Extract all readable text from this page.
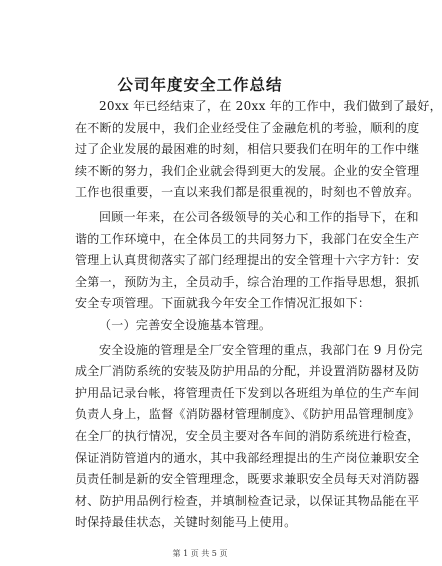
公司年度安全工作总结
20xx 年已经结束了，在 20xx 年的工作中，我们做到了最好，
在不断的发展中，我们企业经受住了金融危机的考验，顺利的度
过了企业发展的最困难的时刻，相信只要我们在明年的工作中继
续不断的努力，我们企业就会得到更大的发展。企业的安全管理
工作也很重要，一直以来我们都是很重视的，时刻也不曾放弃。
回顾一年来，在公司各级领导的关心和工作的指导下，在和
谐的工作环境中，在全体员工的共同努力下，我部门在安全生产
管理上认真贯彻落实了部门经理提出的安全管理十六字方针：安
全第一，预防为主，全员动手，综合治理的工作指导思想，狠抓
安全专项管理。下面就我今年安全工作情况汇报如下：
（一）完善安全设施基本管理。
安全设施的管理是全厂安全管理的重点，我部门在 9 月份完
成全厂消防系统的安装及防护用品的分配，并设置消防器材及防
护用品记录台帐，将管理责任下发到以各班组为单位的生产车间
负责人身上，监督《消防器材管理制度》、《防护用品管理制度》
在全厂的执行情况，安全员主要对各车间的消防系统进行检查，
保证消防管道内的通水，其中我部经理提出的生产岗位兼职安全
员责任制是新的安全管理理念，既要求兼职安全员每天对消防器
材、防护用品例行检查，并填制检查记录，以保证其物品能在平
时保持最佳状态，关键时刻能马上使用。
第 1 页 共 5 页
